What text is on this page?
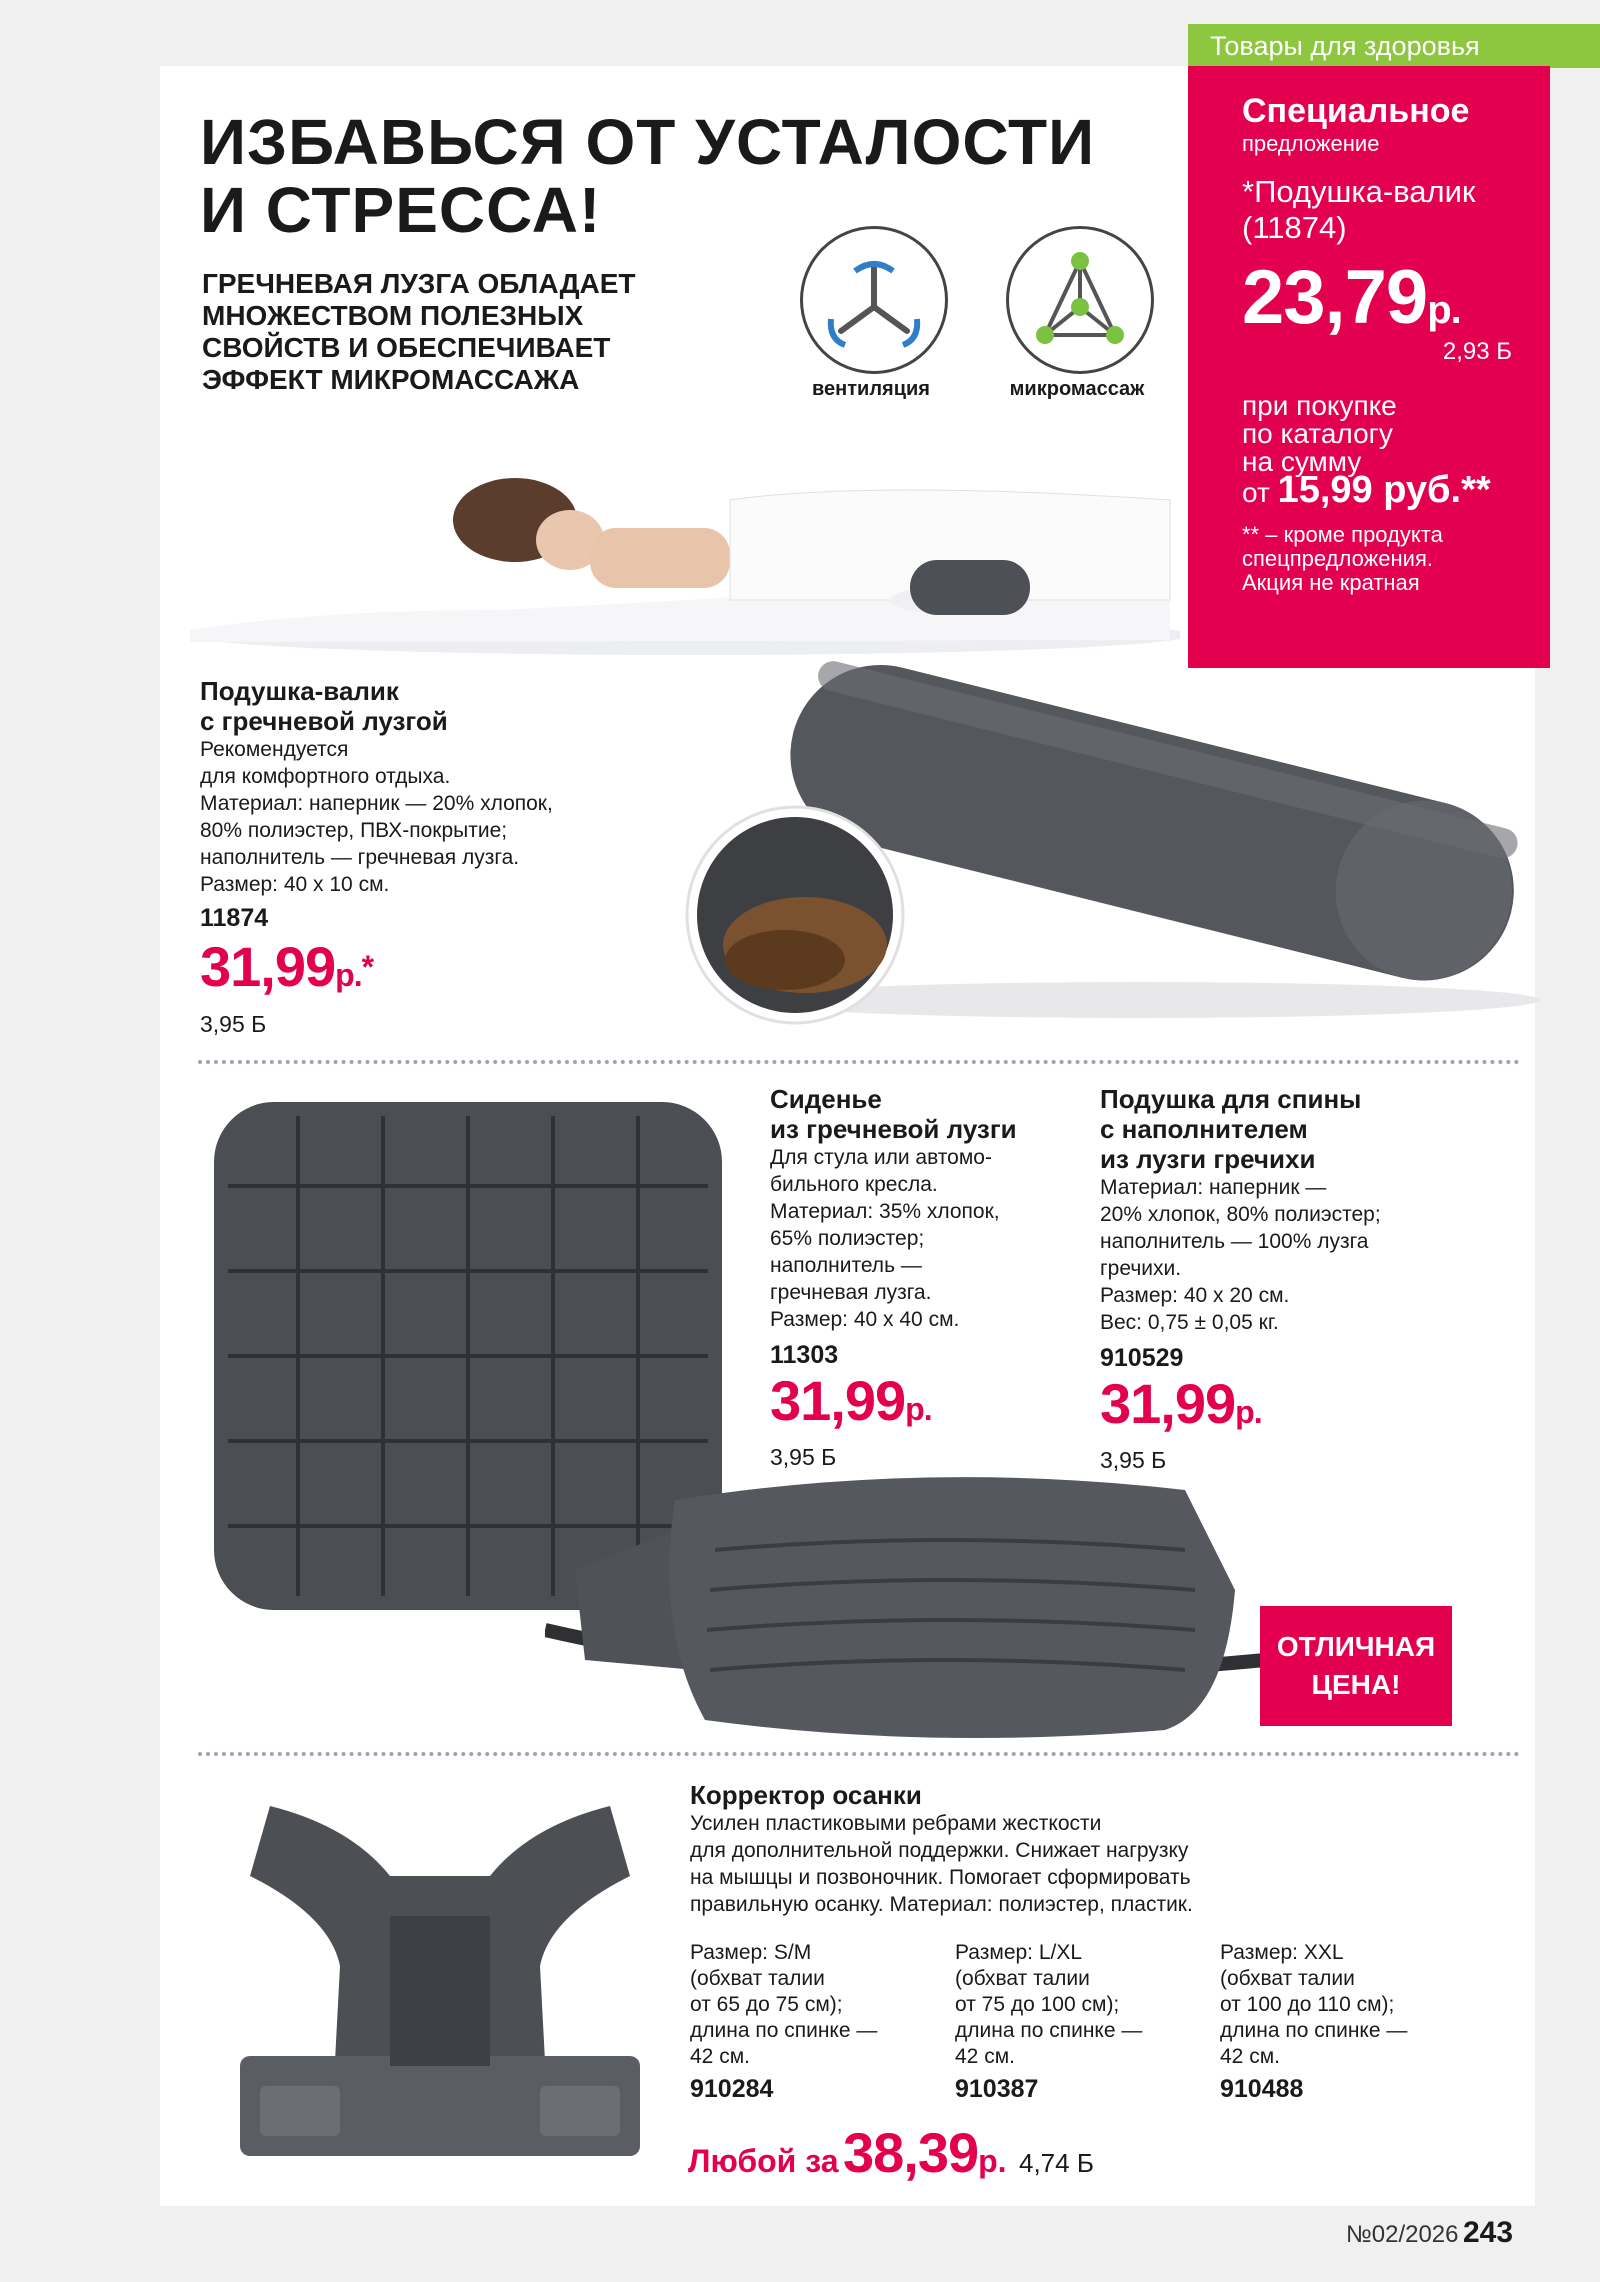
Товары для здоровья
ИЗБАВЬСЯ ОТ УСТАЛОСТИ
И СТРЕССА!
ГРЕЧНЕВАЯ ЛУЗГА ОБЛАДАЕТ
МНОЖЕСТВОМ ПОЛЕЗНЫХ
СВОЙСТВ И ОБЕСПЕЧИВАЕТ
ЭФФЕКТ МИКРОМАССАЖА	вентиляция	микромассаж
Специальное
предложение
*Подушка-валик
(11874)
23,79р.
2,93 Б
при покупке
по каталогу
на сумму
от 15,99 руб.**
** – кроме продукта
спецпредложения.
Акция не кратная
Подушка-валик
с гречневой лузгой
Рекомендуется
для комфортного отдыха.
Материал: наперник — 20% хлопок,
80% полиэстер, ПВХ-покрытие;
наполнитель — гречневая лузга.
Размер: 40 х 10 см.
11874
31,99р.*
3,95 Б
Сиденье
из гречневой лузги
Для стула или автомо-
бильного кресла.
Материал: 35% хлопок,
65% полиэстер;
наполнитель —
гречневая лузга.
Размер: 40 х 40 см.
11303
31,99р.
3,95 Б
Подушка для спины
с наполнителем
из лузги гречихи
Материал: наперник —
20% хлопок, 80% полиэстер;
наполнитель — 100% лузга
гречихи.
Размер: 40 х 20 см.
Вес: 0,75 ± 0,05 кг.
910529
31,99р.
3,95 Б
ОТЛИЧНАЯ
ЦЕНА!
Корректор осанки
Усилен пластиковыми ребрами жесткости
для дополнительной поддержки. Снижает нагрузку
на мышцы и позвоночник. Помогает сформировать
правильную осанку. Материал: полиэстер, пластик.
Размер: S/M
(обхват талии
от 65 до 75 см);
длина по спинке —
42 см.
910284
Размер: L/XL
(обхват талии
от 75 до 100 см);
длина по спинке —
42 см.
910387
Размер: XXL
(обхват талии
от 100 до 110 см);
длина по спинке —
42 см.
910488
Любой за 38,39р. 4,74 Б
№02/2026 243
